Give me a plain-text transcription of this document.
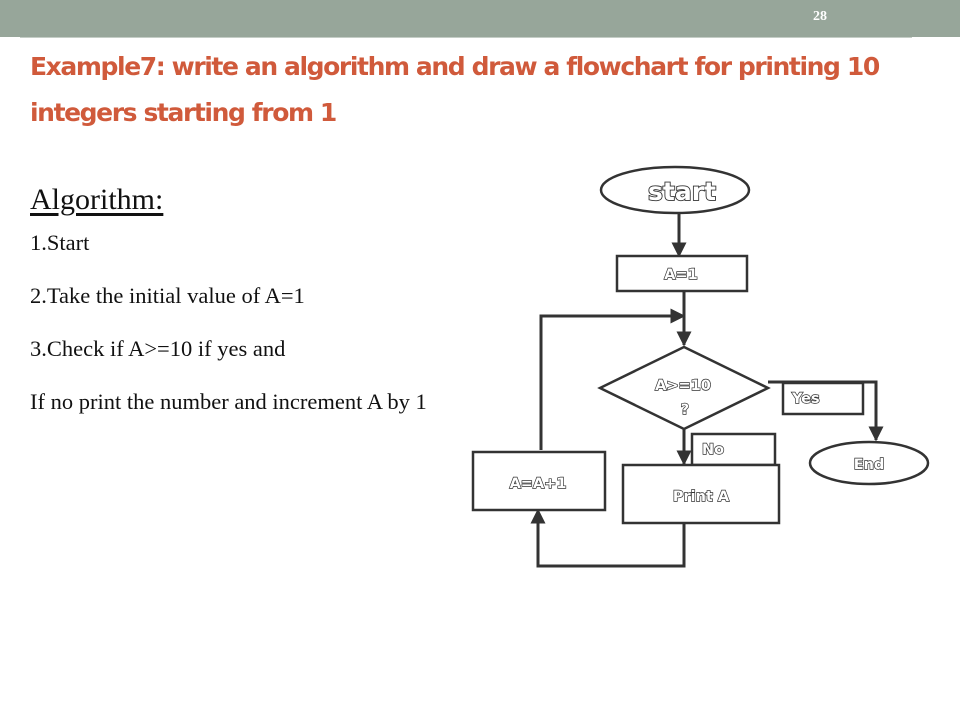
28
Example7: write an algorithm and draw a flowchart for printing 10 integers starting from 1
Algorithm:
1.Start
2.Take the initial value of A=1
3.Check if A>=10 if yes and
If no print the number and increment A by 1
start
A=1
A>=10
?
Yes
No
End
Print A
A=A+1
